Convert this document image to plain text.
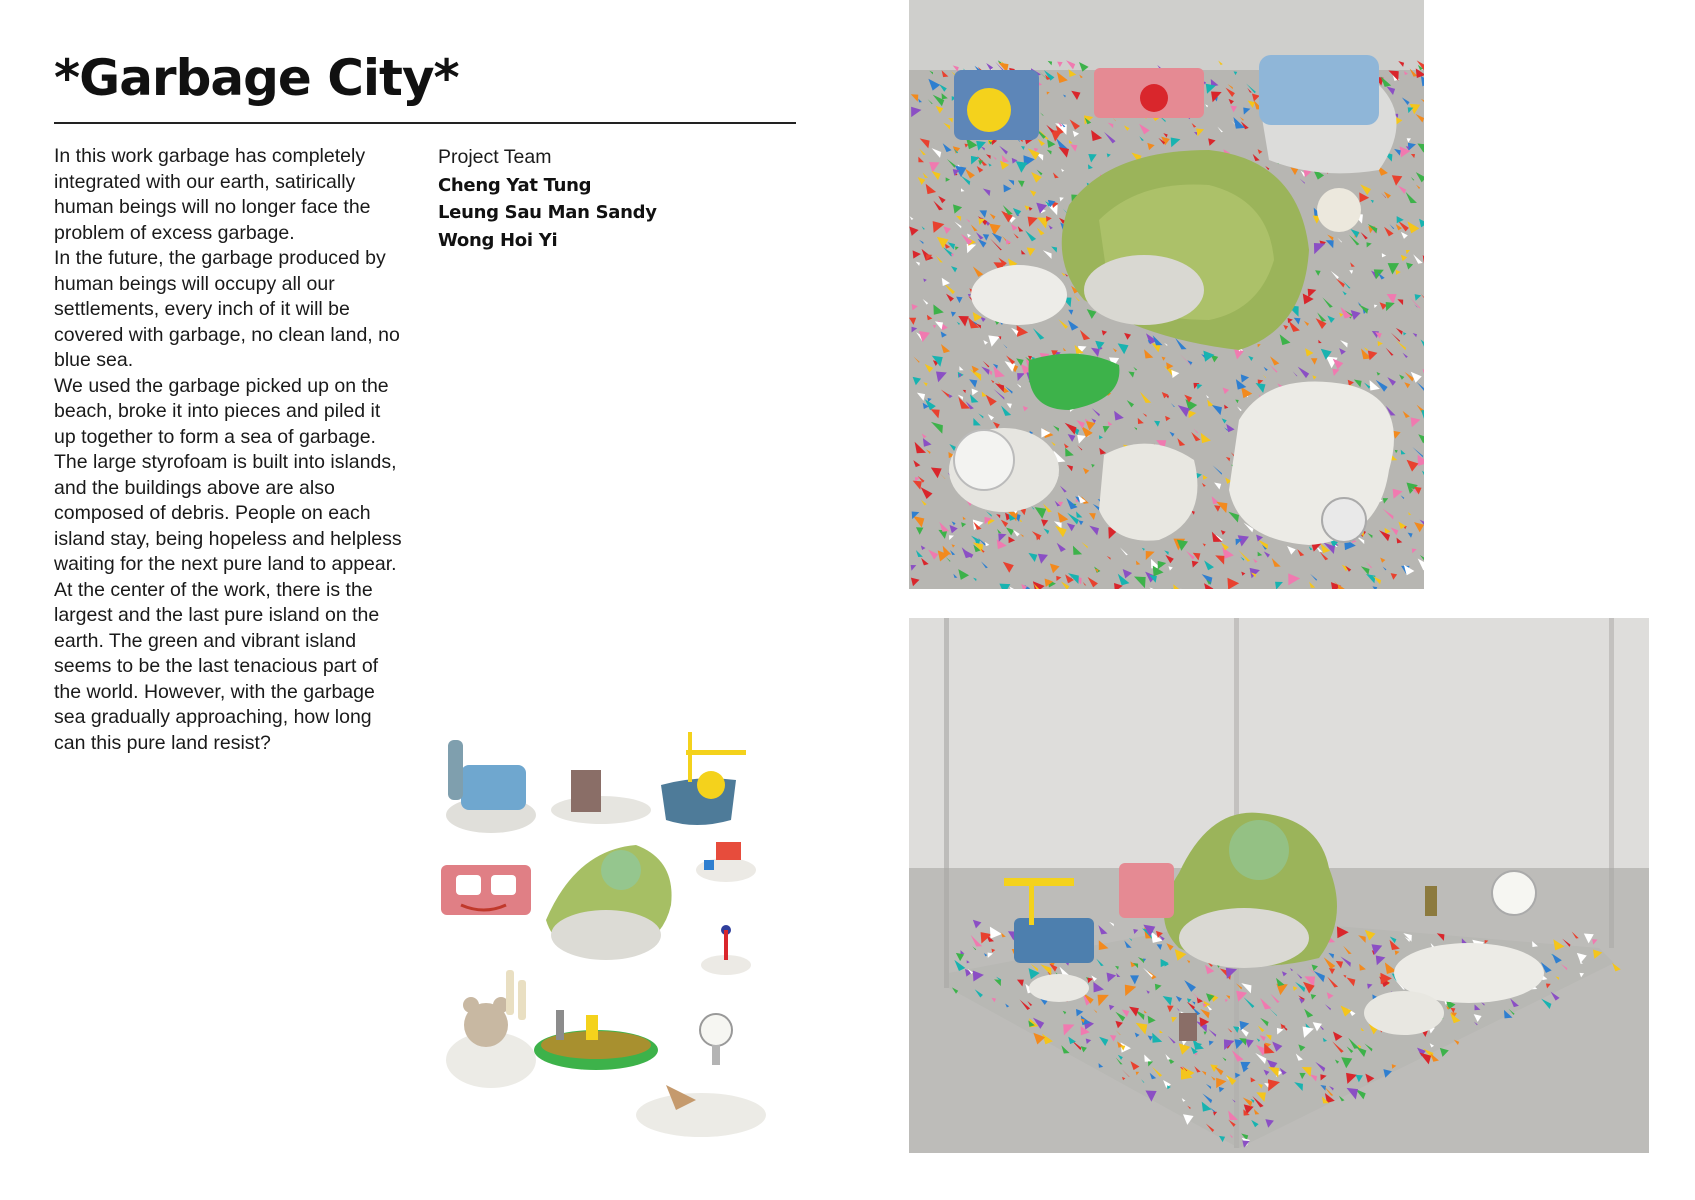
*Garbage City*

In this work garbage has completely integrated with our earth, satirically human beings will no longer face the problem of excess garbage.

In the future, the garbage produced by human beings will occupy all our settlements, every inch of it will be covered with garbage, no clean land, no blue sea.

We used the garbage picked up on the beach, broke it into pieces and piled it up together to form a sea of garbage. The large styrofoam is built into islands, and the buildings above are also composed of debris. People on each island stay, being hopeless and helpless waiting for the next pure land to appear.

At the center of the work, there is the largest and the last pure island on the earth. The green and vibrant island seems to be the last tenacious part of the world. However, with the garbage sea gradually approaching, how long can this pure land resist?

Project Team
Cheng Yat Tung
Leung Sau Man Sandy
Wong Hoi Yi
